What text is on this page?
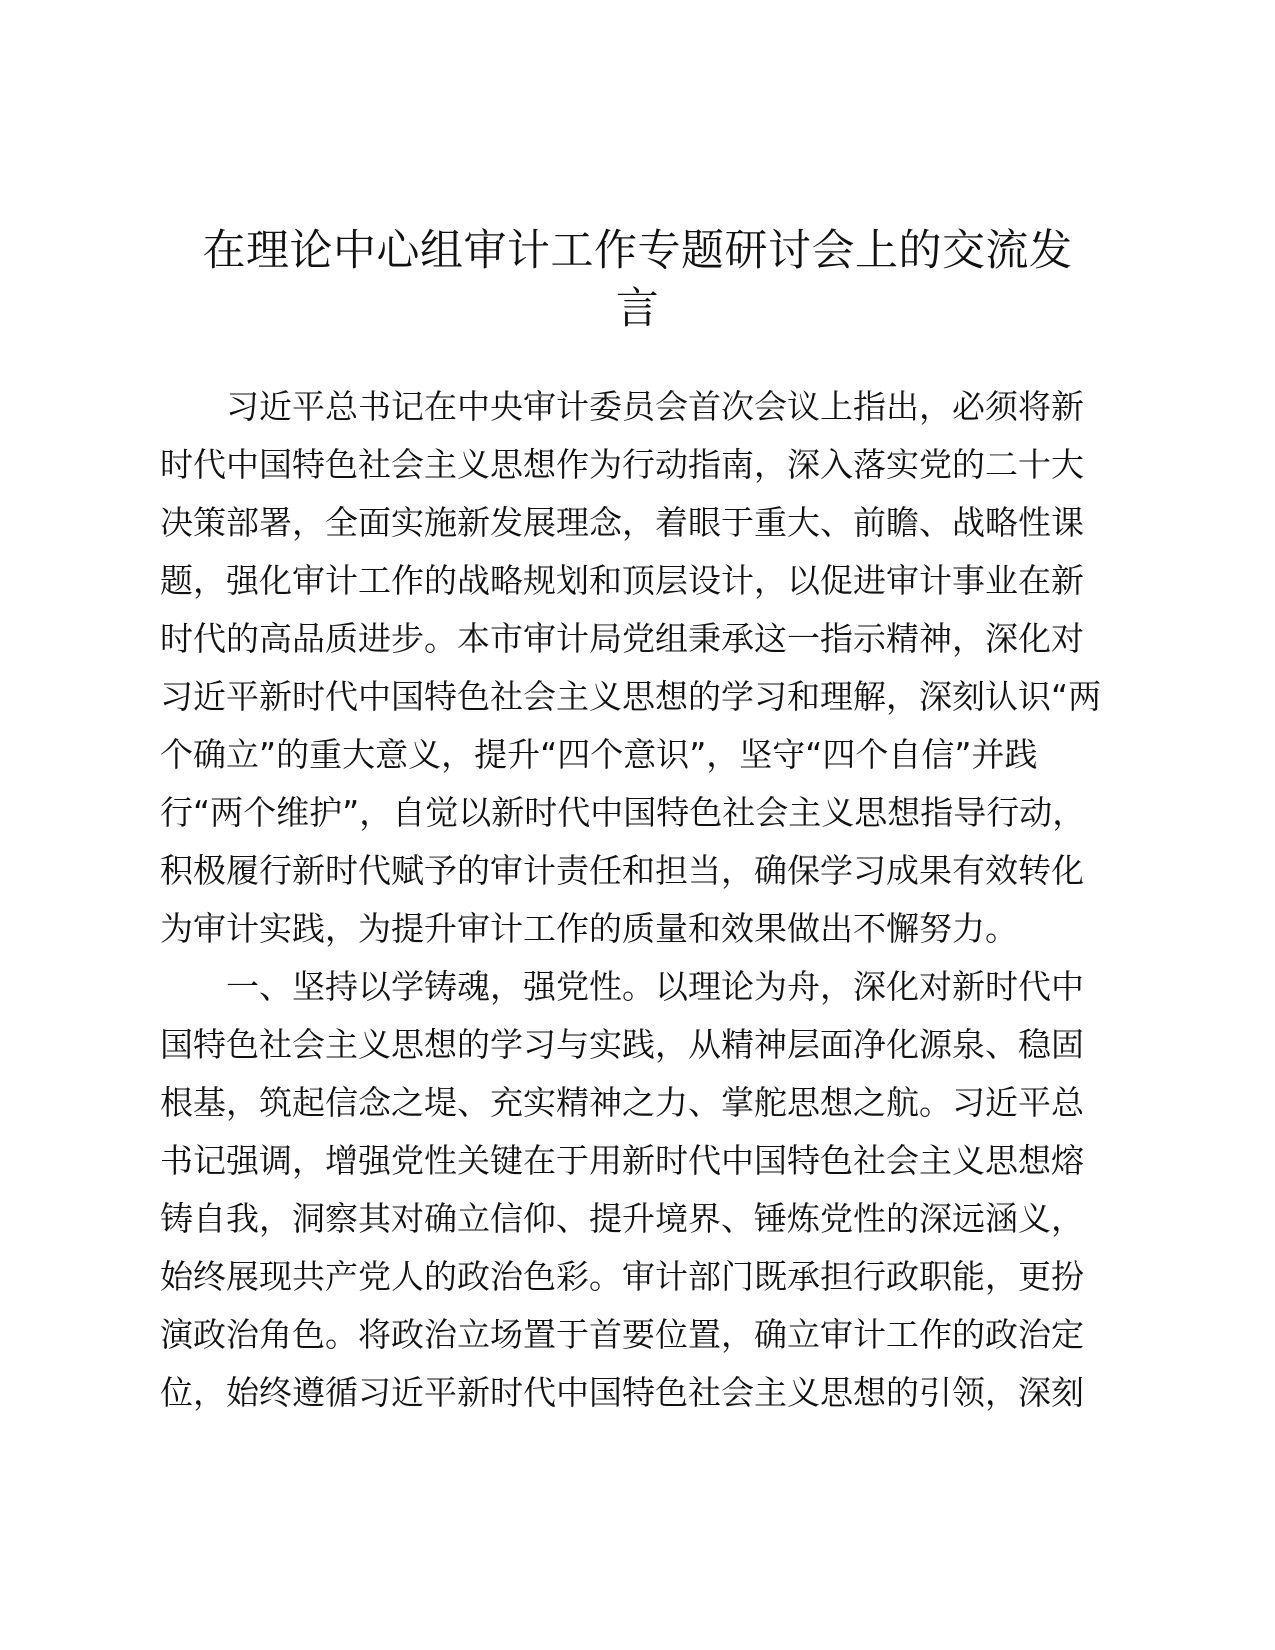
在理论中心组审计工作专题研讨会上的交流发
言
习近平总书记在中央审计委员会首次会议上指出，必须将新
时代中国特色社会主义思想作为行动指南，深入落实党的二十大
决策部署，全面实施新发展理念，着眼于重大、前瞻、战略性课
题，强化审计工作的战略规划和顶层设计，以促进审计事业在新
时代的高品质进步。本市审计局党组秉承这一指示精神，深化对
习近平新时代中国特色社会主义思想的学习和理解，深刻认识“两
个确立”的重大意义，提升“四个意识”，坚守“四个自信”并践
行“两个维护”，自觉以新时代中国特色社会主义思想指导行动，
积极履行新时代赋予的审计责任和担当，确保学习成果有效转化
为审计实践，为提升审计工作的质量和效果做出不懈努力。
一、坚持以学铸魂，强党性。以理论为舟，深化对新时代中
国特色社会主义思想的学习与实践，从精神层面净化源泉、稳固
根基，筑起信念之堤、充实精神之力、掌舵思想之航。习近平总
书记强调，增强党性关键在于用新时代中国特色社会主义思想熔
铸自我，洞察其对确立信仰、提升境界、锤炼党性的深远涵义，
始终展现共产党人的政治色彩。审计部门既承担行政职能，更扮
演政治角色。将政治立场置于首要位置，确立审计工作的政治定
位，始终遵循习近平新时代中国特色社会主义思想的引领，深刻
